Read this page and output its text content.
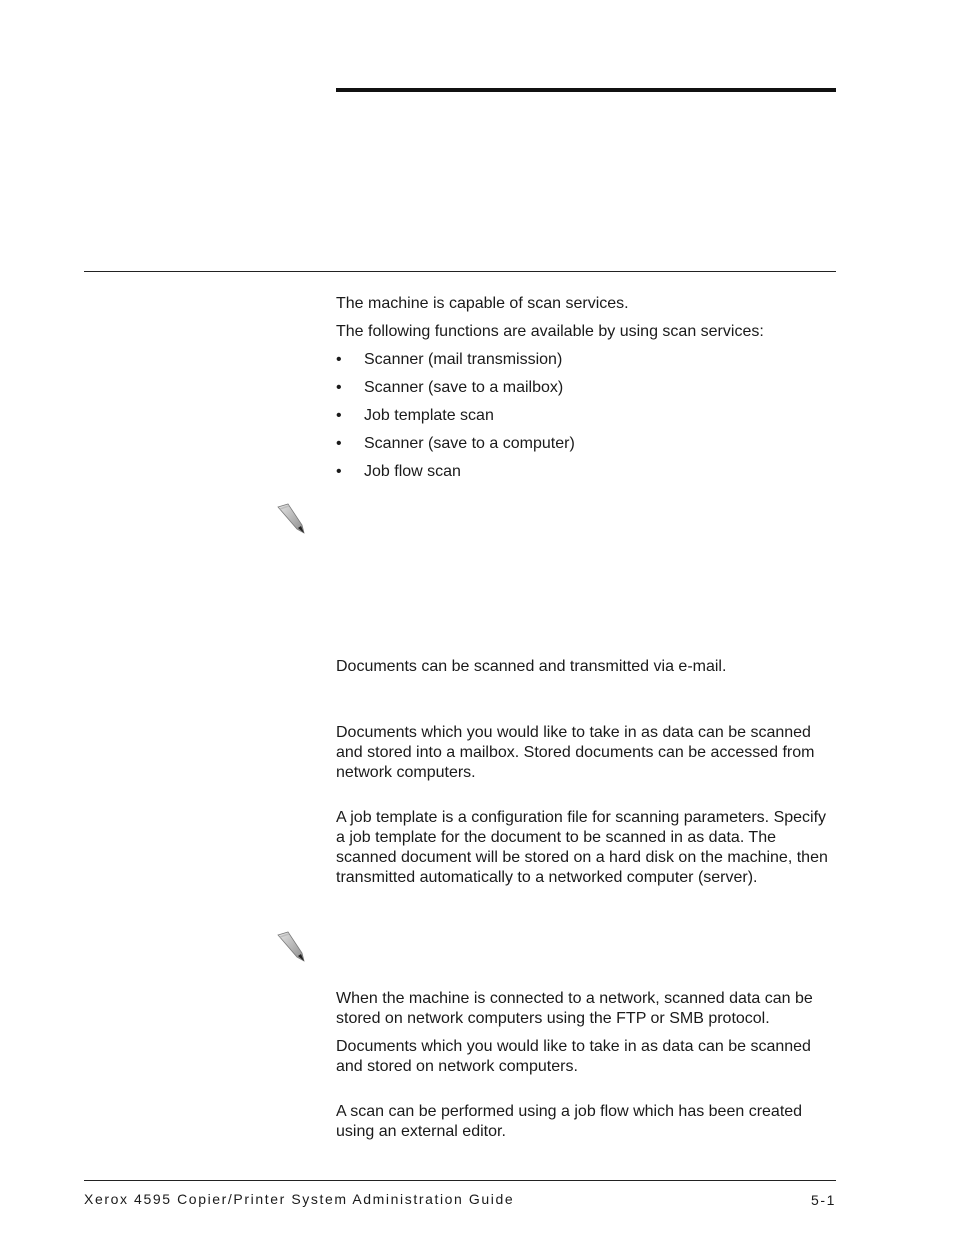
The machine is capable of scan services.

The following functions are available by using scan services:

• Scanner (mail transmission)
• Scanner (save to a mailbox)
• Job template scan
• Scanner (save to a computer)
• Job flow scan

Documents can be scanned and transmitted via e-mail.

Documents which you would like to take in as data can be scanned and stored into a mailbox. Stored documents can be accessed from network computers.

A job template is a configuration file for scanning parameters. Specify a job template for the document to be scanned in as data. The scanned document will be stored on a hard disk on the machine, then transmitted automatically to a networked computer (server).

When the machine is connected to a network, scanned data can be stored on network computers using the FTP or SMB protocol.

Documents which you would like to take in as data can be scanned and stored on network computers.

A scan can be performed using a job flow which has been created using an external editor.

Xerox 4595 Copier/Printer System Administration Guide	5-1
